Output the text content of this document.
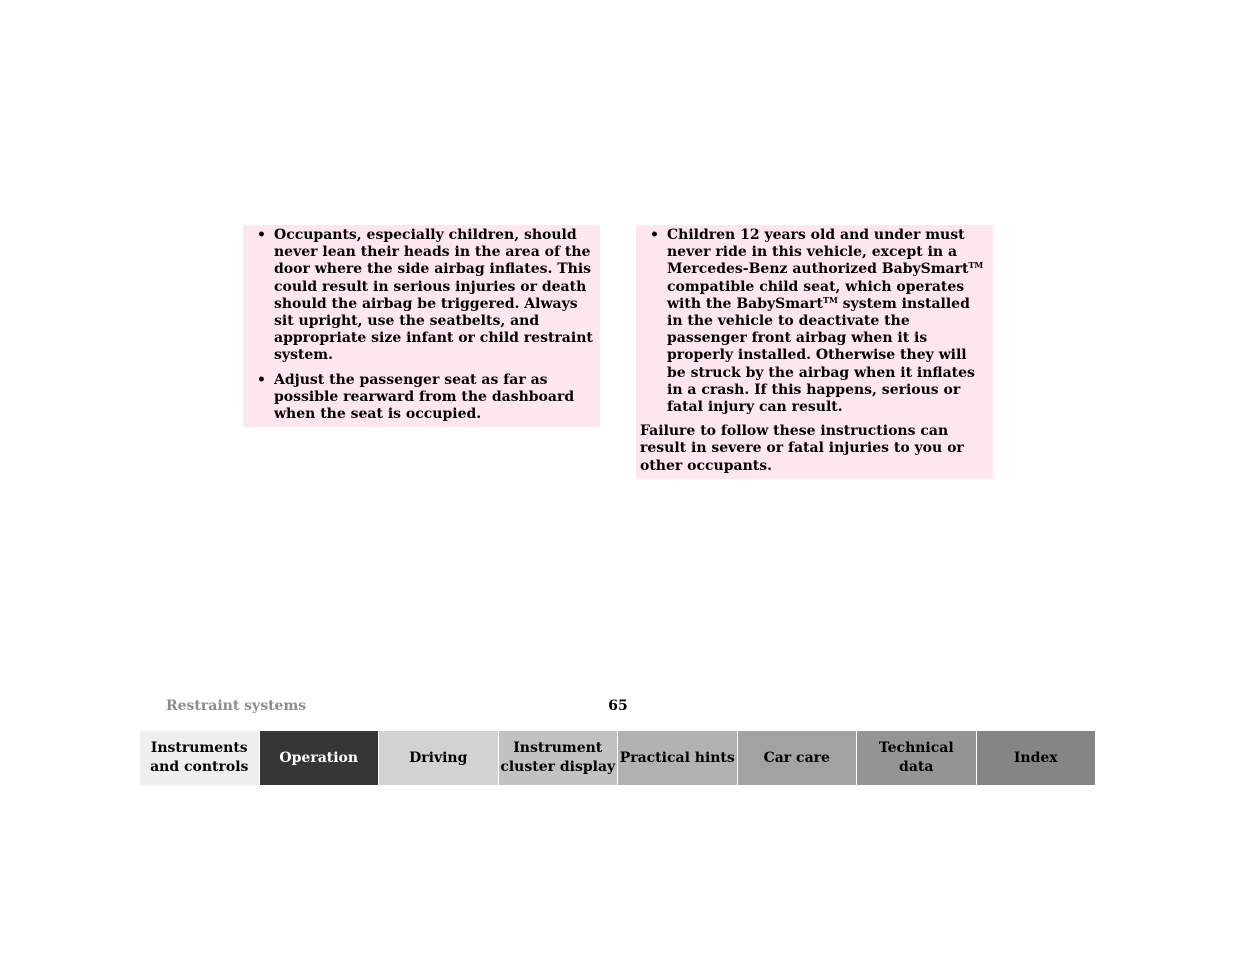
• Occupants, especially children, should never lean their heads in the area of the door where the side airbag inflates. This could result in serious injuries or death should the airbag be triggered. Always sit upright, use the seatbelts, and appropriate size infant or child restraint system.
• Adjust the passenger seat as far as possible rearward from the dashboard when the seat is occupied.
• Children 12 years old and under must never ride in this vehicle, except in a Mercedes-Benz authorized BabySmart™ compatible child seat, which operates with the BabySmart™ system installed in the vehicle to deactivate the passenger front airbag when it is properly installed. Otherwise they will be struck by the airbag when it inflates in a crash. If this happens, serious or fatal injury can result.
Failure to follow these instructions can result in severe or fatal injuries to you or other occupants.
Restraint systems	65
Instruments
and controls
Operation	Driving
Instrument
cluster display
Practical hints	Car care
Technical
data
Index
